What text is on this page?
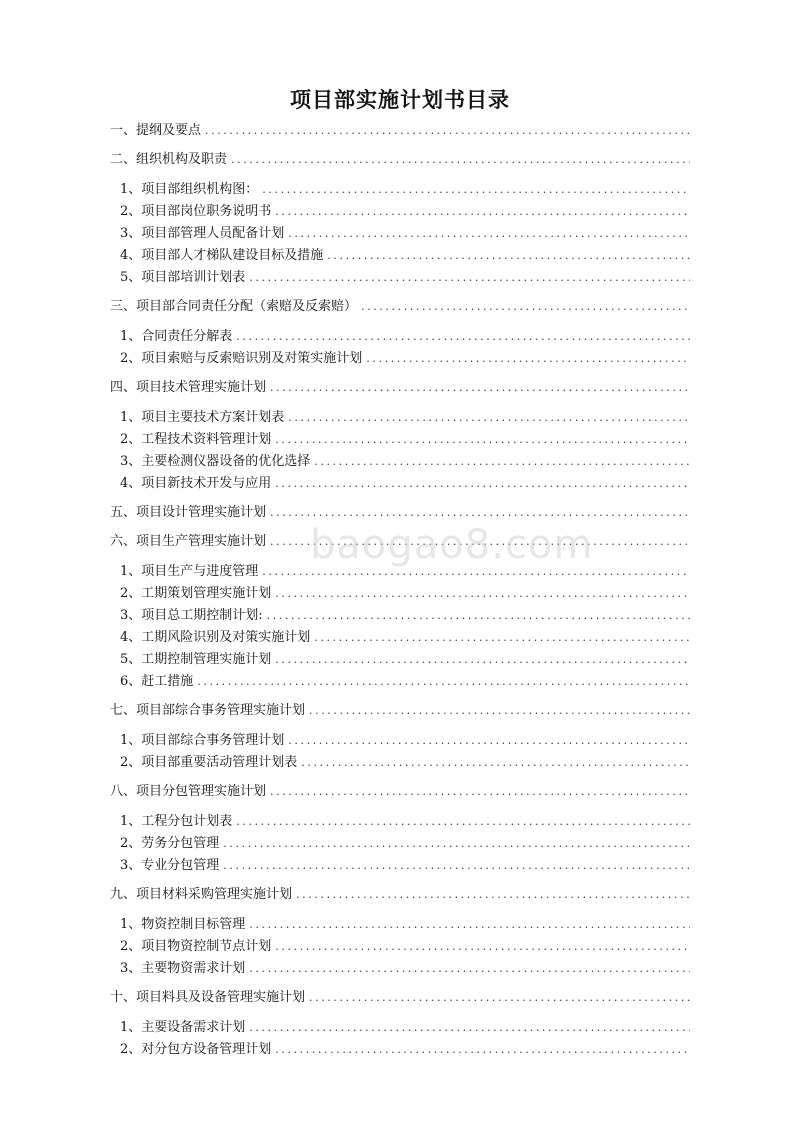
项目部实施计划书目录
一、提纲及要点
.....
二、组织机构及职责
.....
1、项目部组织机构图：
.....
2、项目部岗位职务说明书
.....
3、项目部管理人员配备计划
.....
4、项目部人才梯队建设目标及措施
.....
5、项目部培训计划表
.....
三、项目部合同责任分配（索赔及反索赔）
.....
1、合同责任分解表
.....
2、项目索赔与反索赔识别及对策实施计划
.....
四、项目技术管理实施计划
.....
1、项目主要技术方案计划表
.....
2、工程技术资料管理计划
.....
3、主要检测仪器设备的优化选择
.....
4、项目新技术开发与应用
.....
五、项目设计管理实施计划
.....
六、项目生产管理实施计划
.....
1、项目生产与进度管理
.....
2、工期策划管理实施计划
.....
3、项目总工期控制计划:
.....
4、工期风险识别及对策实施计划
.....
5、工期控制管理实施计划
.....
6、赶工措施
.....
七、项目部综合事务管理实施计划
.....
1、项目部综合事务管理计划
.....
2、项目部重要活动管理计划表
.....
八、项目分包管理实施计划
.....
1、工程分包计划表
.....
2、劳务分包管理
.....
3、专业分包管理
.....
九、项目材料采购管理实施计划
.....
1、物资控制目标管理
.....
2、项目物资控制节点计划
.....
3、主要物资需求计划
.....
十、项目料具及设备管理实施计划
.....
1、主要设备需求计划
.....
2、对分包方设备管理计划
.....
baogao8.com
